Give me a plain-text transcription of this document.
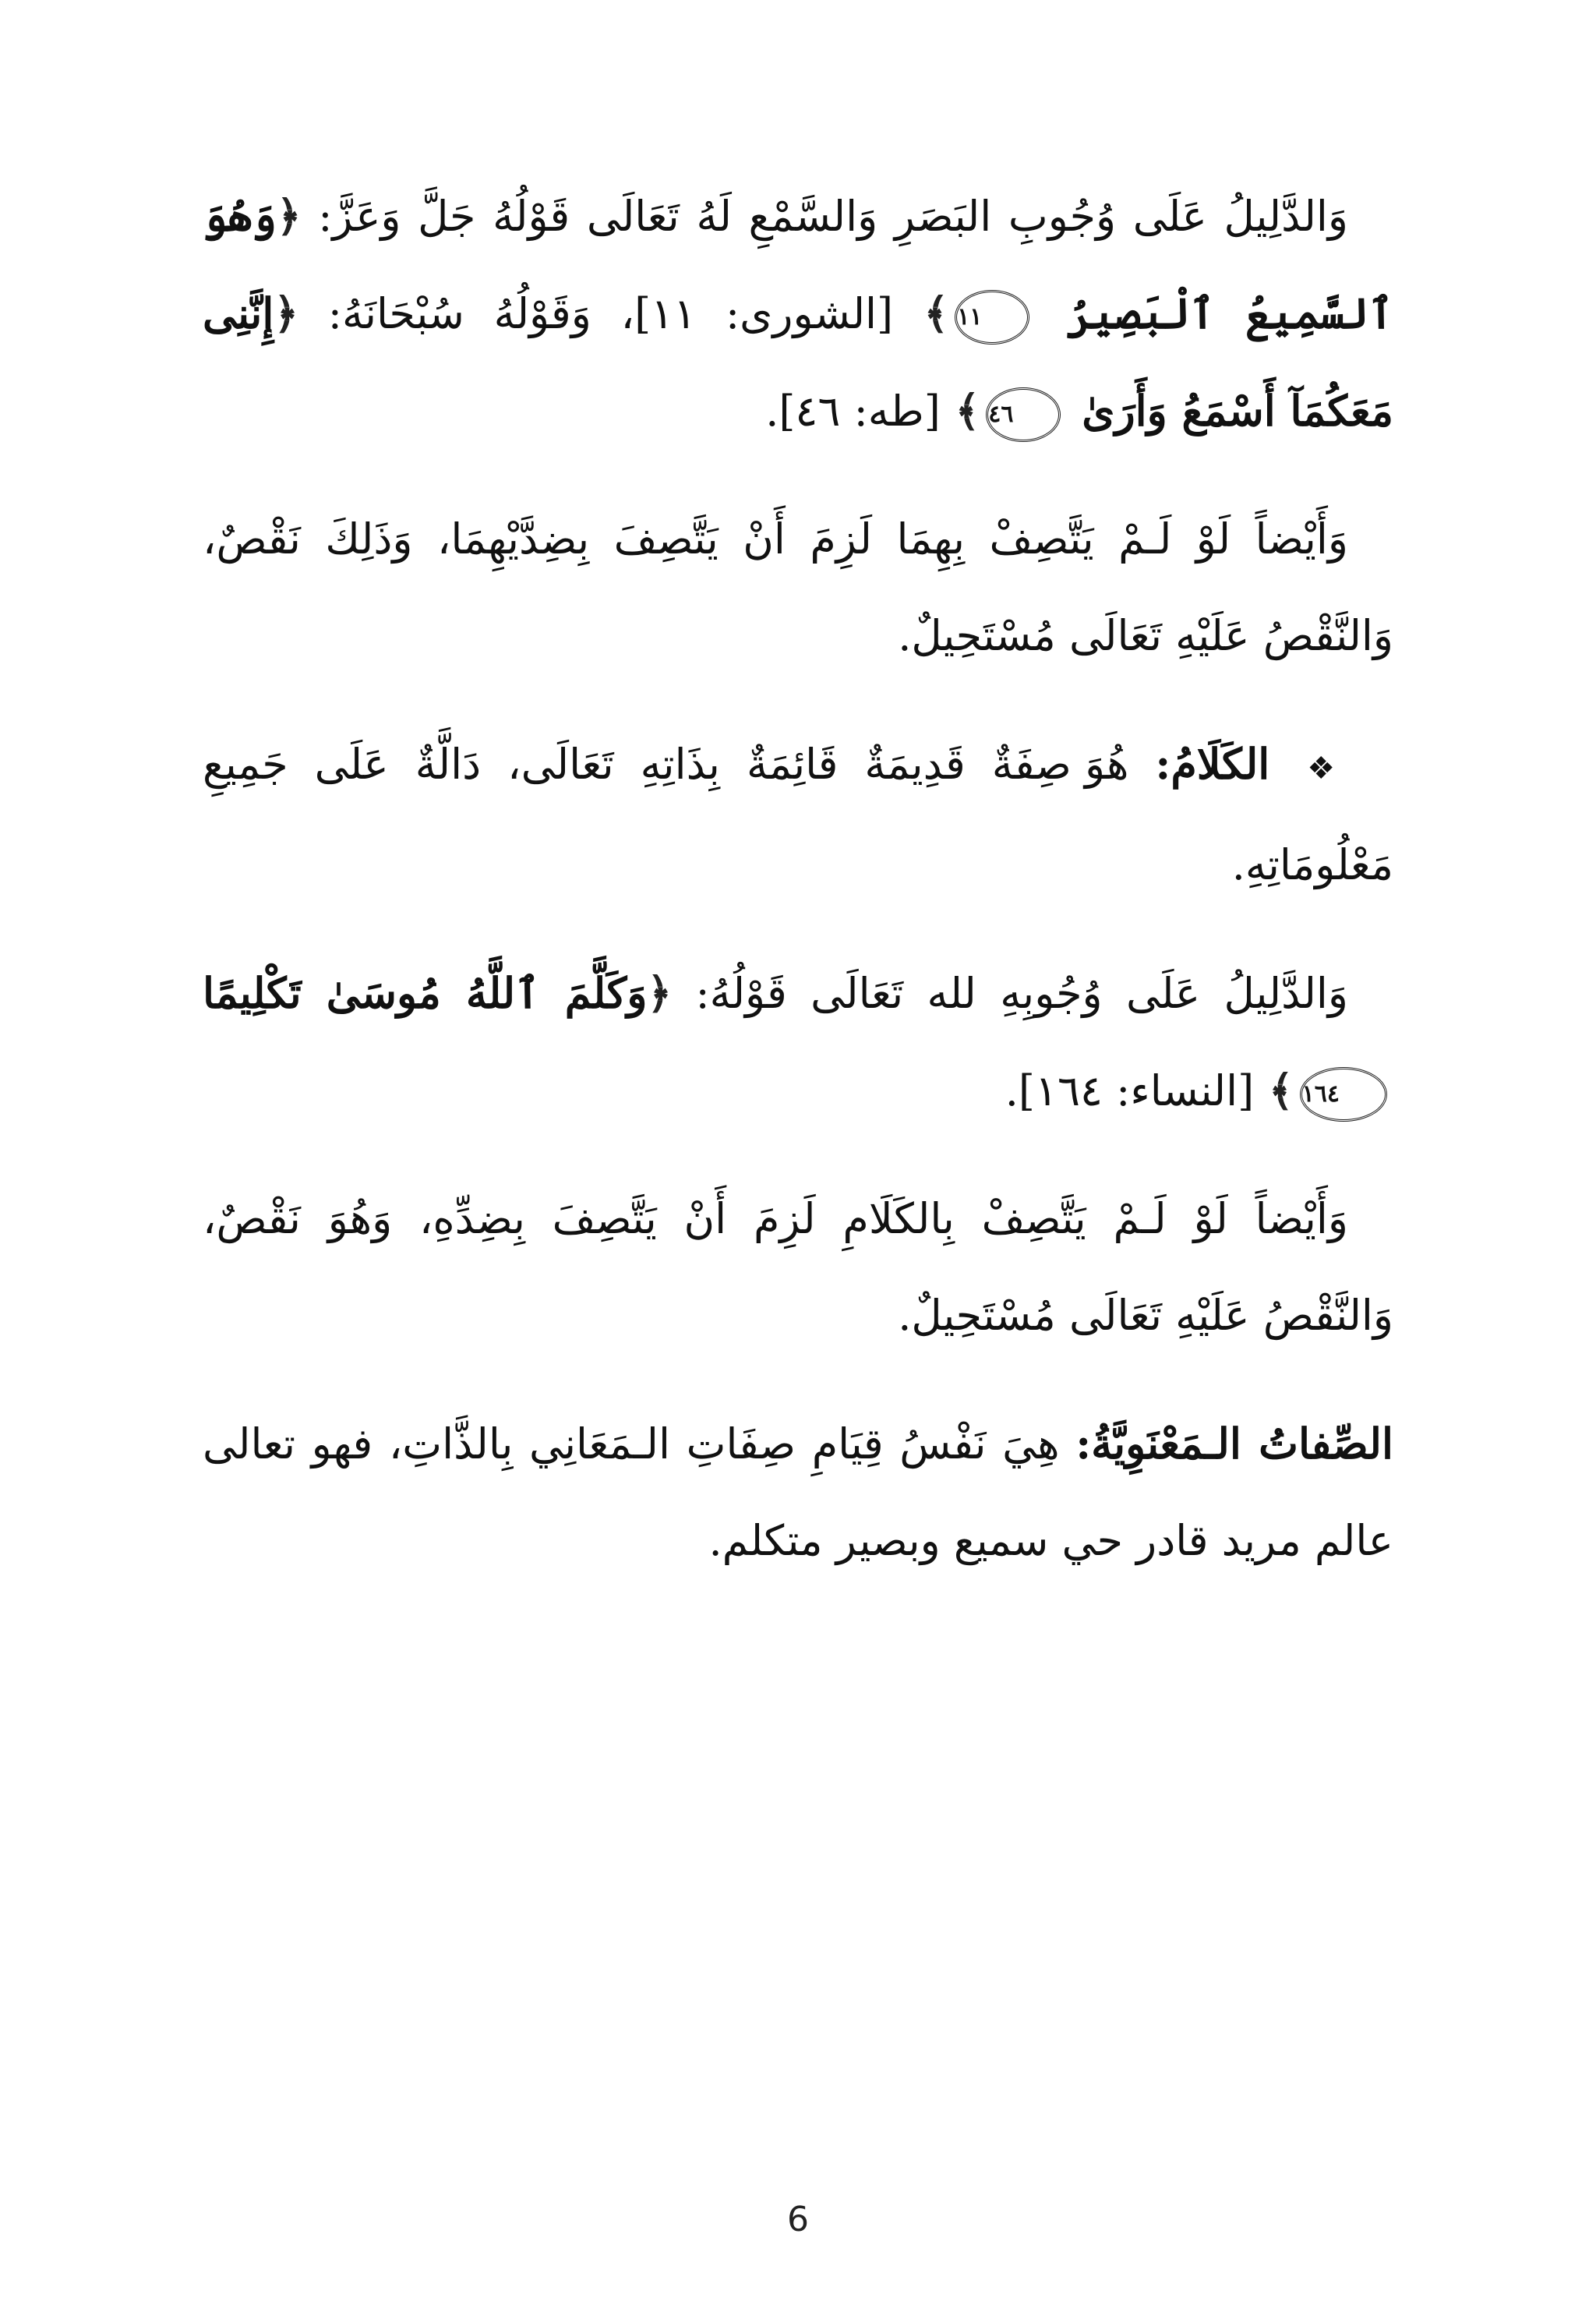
وَالدَّلِيلُ عَلَى وُجُوبِ البَصَرِ وَالسَّمْعِ لَهُ تَعَالَى قَوْلُهُ جَلَّ وَعَزَّ: ﴿وَهُوَ ٱلسَّمِيعُ ٱلْبَصِيرُ ١١﴾ [الشورى: ١١]، وَقَوْلُهُ سُبْحَانَهُ: ﴿إِنَّنِى مَعَكُمَآ أَسْمَعُ وَأَرَىٰ ٤٦﴾ [طه: ٤٦].

وَأَيْضاً لَوْ لَـمْ يَتَّصِفْ بِهِمَا لَزِمَ أَنْ يَتَّصِفَ بِضِدَّيْهِمَا، وَذَلِكَ نَقْصٌ، وَالنَّقْصُ عَلَيْهِ تَعَالَى مُسْتَحِيلٌ.

❖ الكَلَامُ: هُوَ صِفَةٌ قَدِيمَةٌ قَائِمَةٌ بِذَاتِهِ تَعَالَى، دَالَّةٌ عَلَى جَمِيعِ مَعْلُومَاتِهِ.

وَالدَّلِيلُ عَلَى وُجُوبِهِ لله تَعَالَى قَوْلُهُ: ﴿وَكَلَّمَ ٱللَّهُ مُوسَىٰ تَكْلِيمًا ١٦٤﴾ [النساء: ١٦٤].

وَأَيْضاً لَوْ لَـمْ يَتَّصِفْ بِالكَلَامِ لَزِمَ أَنْ يَتَّصِفَ بِضِدِّهِ، وَهُوَ نَقْصٌ، وَالنَّقْصُ عَلَيْهِ تَعَالَى مُسْتَحِيلٌ.

الصِّفاتُ الـمَعْنَوِيَّةُ: هِيَ نَفْسُ قِيَامِ صِفَاتِ الـمَعَانِي بِالذَّاتِ، فهو تعالى عالم مريد قادر حي سميع وبصير متكلم.

6
